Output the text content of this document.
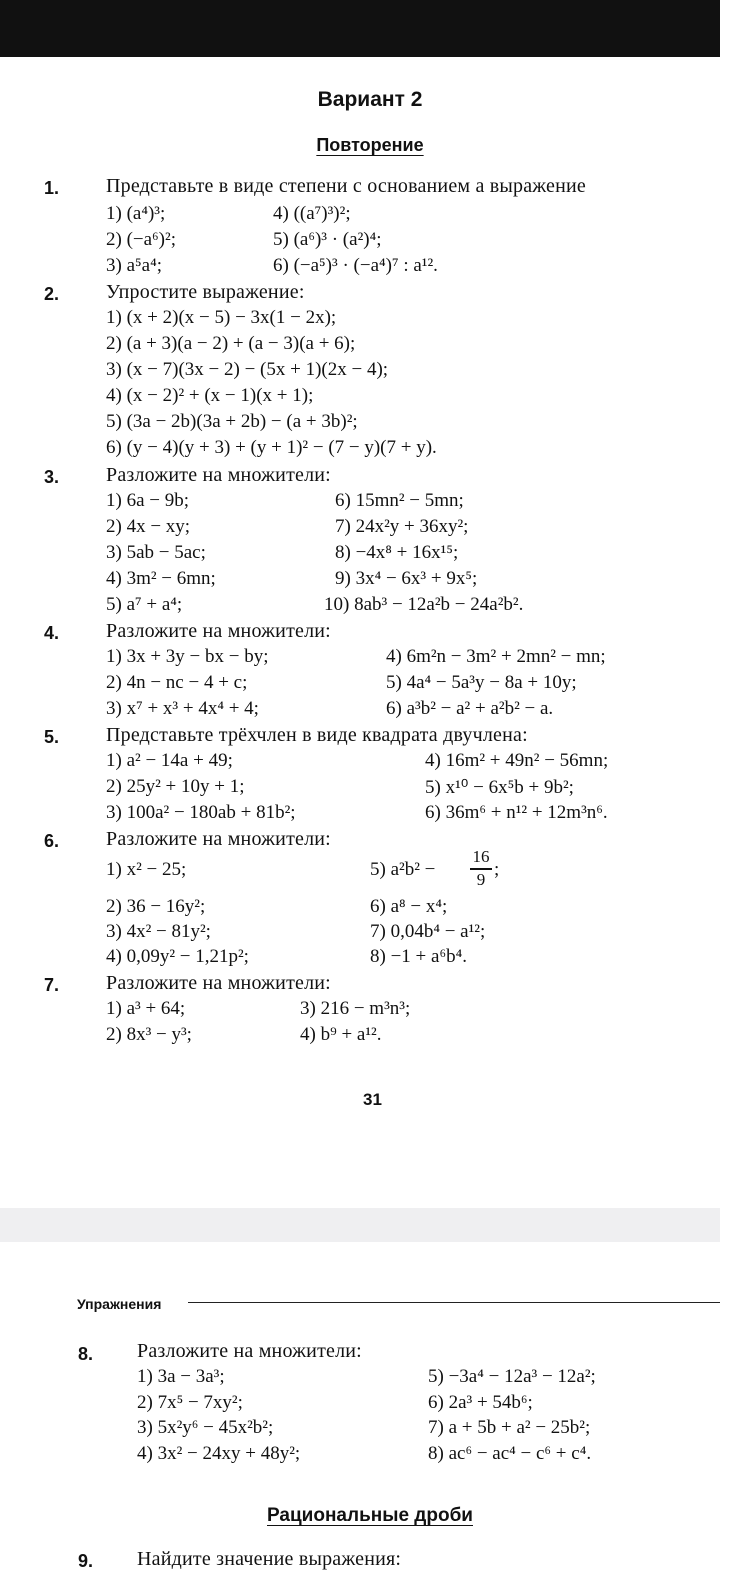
Вариант 2
Повторение
1. Представьте в виде степени с основанием a выражение
1) (a⁴)³;	4) ((a⁷)³)²;
2) (−a⁶)²;	5) (a⁶)³ · (a²)⁴;
3) a⁵a⁴;	6) (−a⁵)³ · (−a⁴)⁷ : a¹².
2. Упростите выражение:
1) (x + 2)(x − 5) − 3x(1 − 2x);
2) (a + 3)(a − 2) + (a − 3)(a + 6);
3) (x − 7)(3x − 2) − (5x + 1)(2x − 4);
4) (x − 2)² + (x − 1)(x + 1);
5) (3a − 2b)(3a + 2b) − (a + 3b)²;
6) (y − 4)(y + 3) + (y + 1)² − (7 − y)(7 + y).
3. Разложите на множители:
1) 6a − 9b;	6) 15mn² − 5mn;
2) 4x − xy;	7) 24x²y + 36xy²;
3) 5ab − 5ac;	8) −4x⁸ + 16x¹⁵;
4) 3m² − 6mn;	9) 3x⁴ − 6x³ + 9x⁵;
5) a⁷ + a⁴;	10) 8ab³ − 12a²b − 24a²b².
4. Разложите на множители:
1) 3x + 3y − bx − by;	4) 6m²n − 3m² + 2mn² − mn;
2) 4n − nc − 4 + c;	5) 4a⁴ − 5a³y − 8a + 10y;
3) x⁷ + x³ + 4x⁴ + 4;	6) a³b² − a² + a²b² − a.
5. Представьте трёхчлен в виде квадрата двучлена:
1) a² − 14a + 49;	4) 16m² + 49n² − 56mn;
2) 25y² + 10y + 1;	5) x¹⁰ − 6x⁵b + 9b²;
3) 100a² − 180ab + 81b²;	6) 36m⁶ + n¹² + 12m³n⁶.
6. Разложите на множители:
1) x² − 25;	5) a²b² −
16
9 ;
2) 36 − 16y²;	6) a⁸ − x⁴;
3) 4x² − 81y²;	7) 0,04b⁴ − a¹²;
4) 0,09y² − 1,21p²;	8) −1 + a⁶b⁴.
7. Разложите на множители:
1) a³ + 64;	3) 216 − m³n³;
2) 8x³ − y³;	4) b⁹ + a¹².
31
Упражнения
8. Разложите на множители:
1) 3a − 3a³;	5) −3a⁴ − 12a³ − 12a²;
2) 7x⁵ − 7xy²;	6) 2a³ + 54b⁶;
3) 5x²y⁶ − 45x²b²;	7) a + 5b + a² − 25b²;
4) 3x² − 24xy + 48y²;	8) ac⁶ − ac⁴ − c⁶ + c⁴.
Рациональные дроби
9. Найдите значение выражения:
